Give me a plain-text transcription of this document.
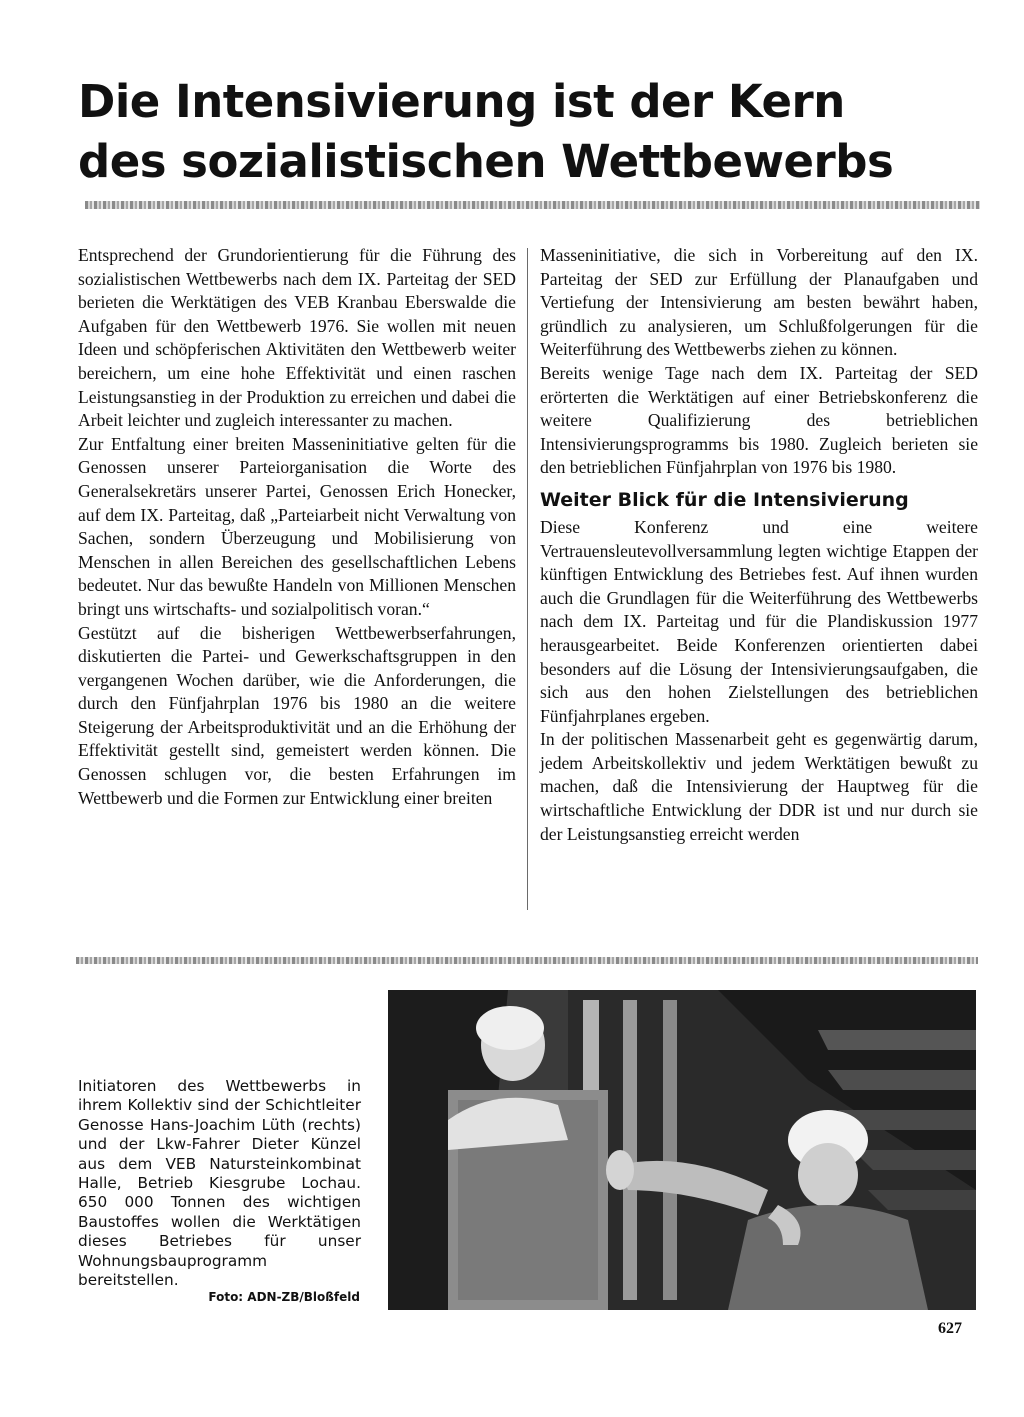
Die Intensivierung ist der Kern
des sozialistischen Wettbewerbs

Entsprechend der Grundorientierung für die Führung des sozialistischen Wettbewerbs nach dem IX. Parteitag der SED berieten die Werktätigen des VEB Kranbau Eberswalde die Aufgaben für den Wettbewerb 1976. Sie wollen mit neuen Ideen und schöpferischen Aktivitäten den Wettbewerb weiter bereichern, um eine hohe Effektivität und einen raschen Leistungsanstieg in der Produktion zu erreichen und dabei die Arbeit leichter und zugleich interessanter zu machen.

Zur Entfaltung einer breiten Masseninitiative gelten für die Genossen unserer Parteiorganisation die Worte des Generalsekretärs unserer Partei, Genossen Erich Honecker, auf dem IX. Parteitag, daß „Parteiarbeit nicht Verwaltung von Sachen, sondern Überzeugung und Mobilisierung von Menschen in allen Bereichen des gesellschaftlichen Lebens bedeutet. Nur das bewußte Handeln von Millionen Menschen bringt uns wirtschafts- und sozialpolitisch voran.“

Gestützt auf die bisherigen Wettbewerbserfahrungen, diskutierten die Partei- und Gewerkschaftsgruppen in den vergangenen Wochen darüber, wie die Anforderungen, die durch den Fünfjahrplan 1976 bis 1980 an die weitere Steigerung der Arbeitsproduktivität und an die Erhöhung der Effektivität gestellt sind, gemeistert werden können. Die Genossen schlugen vor, die besten Erfahrungen im Wettbewerb und die Formen zur Entwicklung einer breiten

Masseninitiative, die sich in Vorbereitung auf den IX. Parteitag der SED zur Erfüllung der Planaufgaben und Vertiefung der Intensivierung am besten bewährt haben, gründlich zu analysieren, um Schlußfolgerungen für die Weiterführung des Wettbewerbs ziehen zu können.

Bereits wenige Tage nach dem IX. Parteitag der SED erörterten die Werktätigen auf einer Betriebskonferenz die weitere Qualifizierung des betrieblichen Intensivierungsprogramms bis 1980. Zugleich berieten sie den betrieblichen Fünfjahrplan von 1976 bis 1980.

Weiter Blick für die Intensivierung

Diese Konferenz und eine weitere Vertrauensleutevollversammlung legten wichtige Etappen der künftigen Entwicklung des Betriebes fest. Auf ihnen wurden auch die Grundlagen für die Weiterführung des Wettbewerbs nach dem IX. Parteitag und für die Plandiskussion 1977 herausgearbeitet. Beide Konferenzen orientierten dabei besonders auf die Lösung der Intensivierungsaufgaben, die sich aus den hohen Zielstellungen des betrieblichen Fünfjahrplanes ergeben.

In der politischen Massenarbeit geht es gegenwärtig darum, jedem Arbeitskollektiv und jedem Werktätigen bewußt zu machen, daß die Intensivierung der Hauptweg für die wirtschaftliche Entwicklung der DDR ist und nur durch sie der Leistungsanstieg erreicht werden

Initiatoren des Wettbewerbs in ihrem Kollektiv sind der Schichtleiter Genosse Hans-Joachim Lüth (rechts) und der Lkw-Fahrer Dieter Künzel aus dem VEB Natursteinkombinat Halle, Betrieb Kiesgrube Lochau. 650 000 Tonnen des wichtigen Baustoffes wollen die Werktätigen dieses Betriebes für unser Wohnungsbauprogramm bereitstellen.

Foto: ADN-ZB/Bloßfeld
627
